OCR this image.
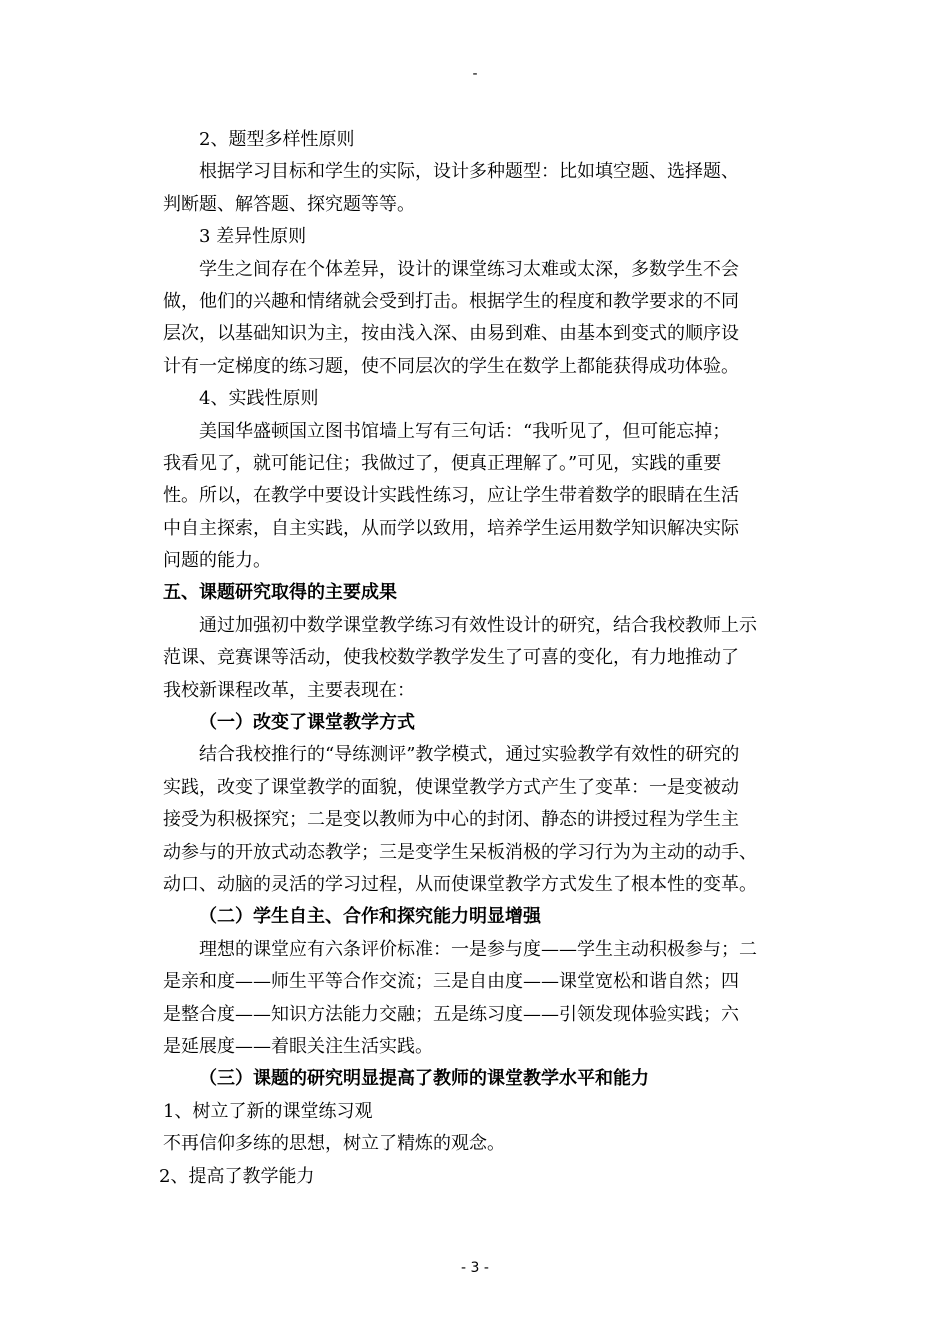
-
2、题型多样性原则
根据学习目标和学生的实际，设计多种题型：比如填空题、选择题、
判断题、解答题、探究题等等。
3 差异性原则
学生之间存在个体差异，设计的课堂练习太难或太深，多数学生不会
做，他们的兴趣和情绪就会受到打击。根据学生的程度和教学要求的不同
层次，以基础知识为主，按由浅入深、由易到难、由基本到变式的顺序设
计有一定梯度的练习题，使不同层次的学生在数学上都能获得成功体验。
4、实践性原则
美国华盛顿国立图书馆墙上写有三句话：“我听见了，但可能忘掉；
我看见了，就可能记住；我做过了，便真正理解了。”可见，实践的重要
性。所以，在教学中要设计实践性练习，应让学生带着数学的眼睛在生活
中自主探索，自主实践，从而学以致用，培养学生运用数学知识解决实际
问题的能力。
五、课题研究取得的主要成果
通过加强初中数学课堂教学练习有效性设计的研究，结合我校教师上示
范课、竞赛课等活动，使我校数学教学发生了可喜的变化，有力地推动了
我校新课程改革，主要表现在：
（一）改变了课堂教学方式
结合我校推行的“导练测评”教学模式，通过实验教学有效性的研究的
实践，改变了课堂教学的面貌，使课堂教学方式产生了变革：一是变被动
接受为积极探究；二是变以教师为中心的封闭、静态的讲授过程为学生主
动参与的开放式动态教学；三是变学生呆板消极的学习行为为主动的动手、
动口、动脑的灵活的学习过程，从而使课堂教学方式发生了根本性的变革。
（二）学生自主、合作和探究能力明显增强
理想的课堂应有六条评价标准：一是参与度——学生主动积极参与；二
是亲和度——师生平等合作交流；三是自由度——课堂宽松和谐自然；四
是整合度——知识方法能力交融；五是练习度——引领发现体验实践；六
是延展度——着眼关注生活实践。
（三）课题的研究明显提高了教师的课堂教学水平和能力
1、树立了新的课堂练习观
不再信仰多练的思想，树立了精炼的观念。
2、提高了教学能力
- 3 -
